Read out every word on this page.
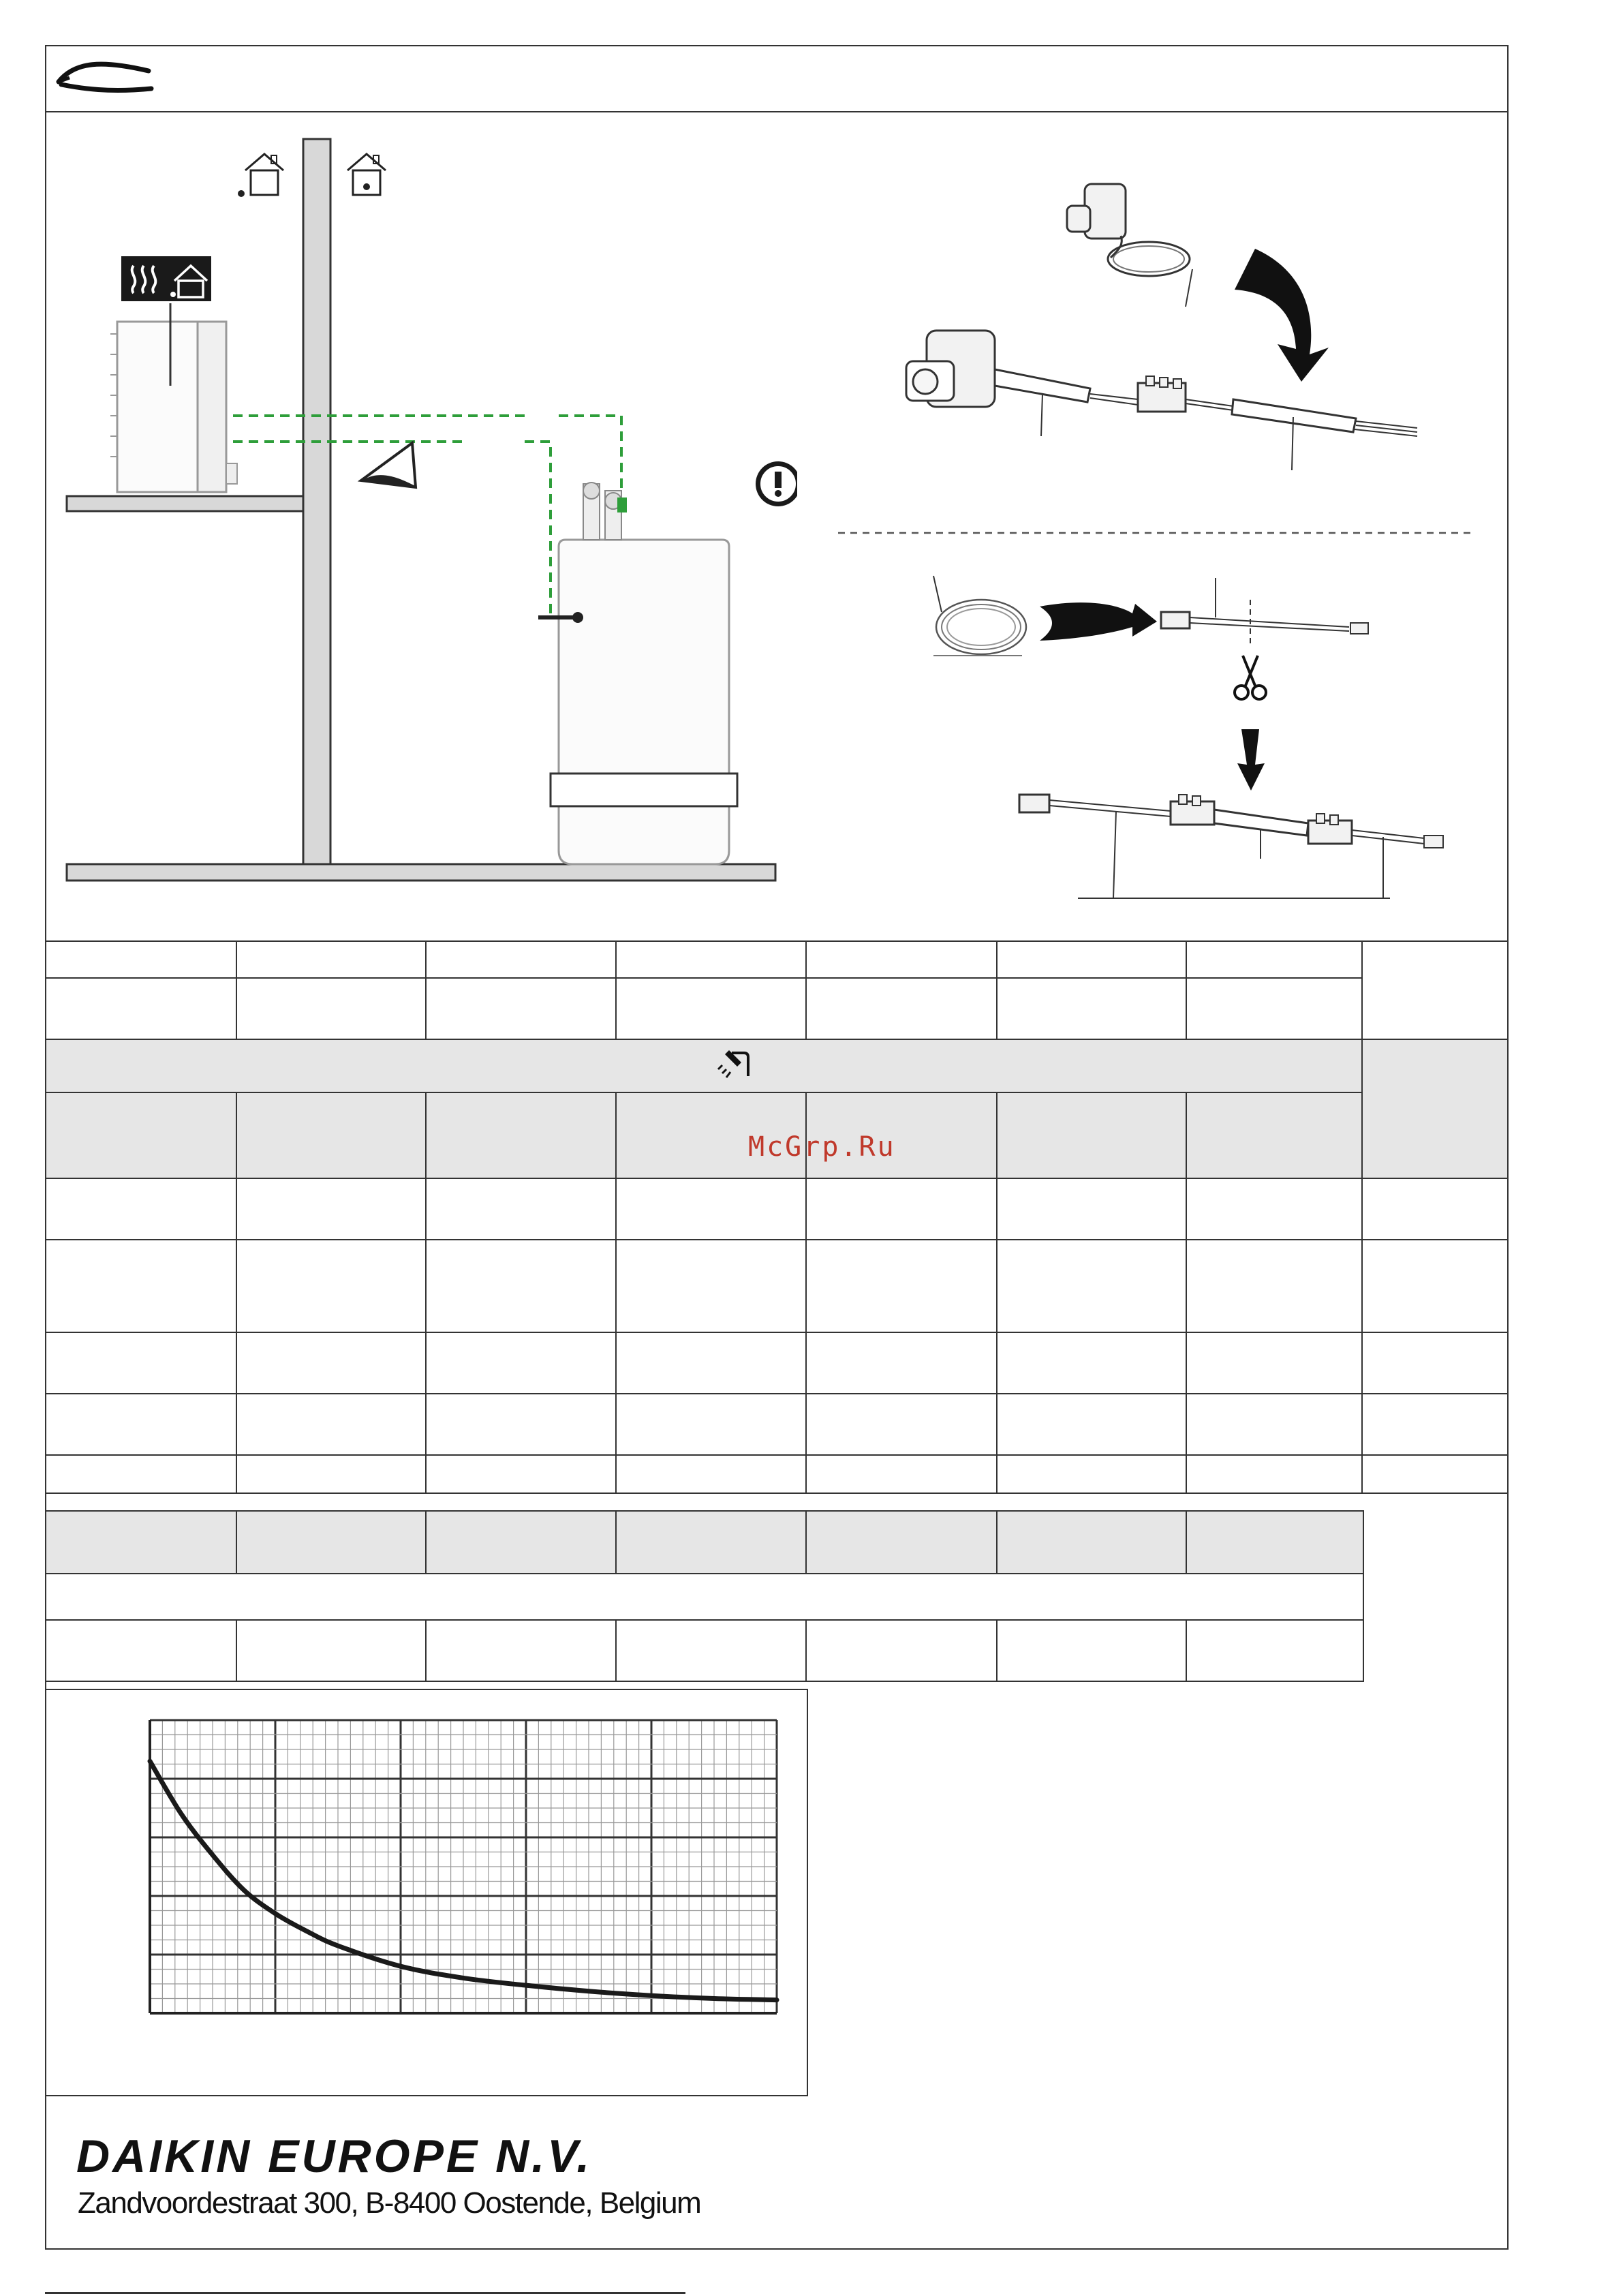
McGrp.Ru
DAIKIN EUROPE N.V.
Zandvoordestraat 300, B-8400 Oostende, Belgium
